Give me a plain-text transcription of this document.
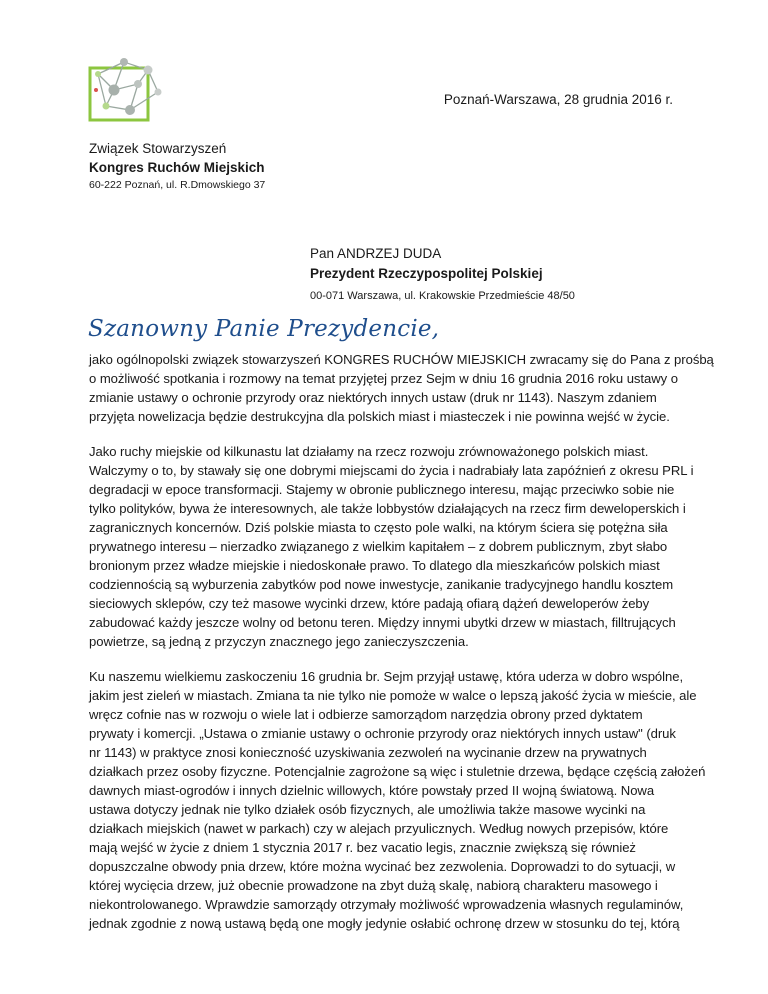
Poznań-Warszawa, 28 grudnia 2016 r.
Związek Stowarzyszeń
Kongres Ruchów Miejskich
60-222 Poznań, ul. R.Dmowskiego 37
Pan ANDRZEJ DUDA
Prezydent Rzeczypospolitej Polskiej
00-071 Warszawa, ul. Krakowskie Przedmieście 48/50
Szanowny Panie Prezydencie,

jako ogólnopolski związek stowarzyszeń KONGRES RUCHÓW MIEJSKICH zwracamy się do Pana z prośbą
o możliwość spotkania i rozmowy na temat przyjętej przez Sejm w dniu 16 grudnia 2016 roku ustawy o
zmianie ustawy o ochronie przyrody oraz niektórych innych ustaw (druk nr 1143). Naszym zdaniem
przyjęta nowelizacja będzie destrukcyjna dla polskich miast i miasteczek i nie powinna wejść w życie.

Jako ruchy miejskie od kilkunastu lat działamy na rzecz rozwoju zrównoważonego polskich miast.
Walczymy o to, by stawały się one dobrymi miejscami do życia i nadrabiały lata zapóźnień z okresu PRL i
degradacji w epoce transformacji. Stajemy w obronie publicznego interesu, mając przeciwko sobie nie
tylko polityków, bywa że interesownych, ale także lobbystów działających na rzecz firm deweloperskich i
zagranicznych koncernów. Dziś polskie miasta to często pole walki, na którym ściera się potężna siła
prywatnego interesu – nierzadko związanego z wielkim kapitałem – z dobrem publicznym, zbyt słabo
bronionym przez władze miejskie i niedoskonałe prawo. To dlatego dla mieszkańców polskich miast
codziennością są wyburzenia zabytków pod nowe inwestycje, zanikanie tradycyjnego handlu kosztem
sieciowych sklepów, czy też masowe wycinki drzew, które padają ofiarą dążeń deweloperów żeby
zabudować każdy jeszcze wolny od betonu teren. Między innymi ubytki drzew w miastach, filltrujących
powietrze, są jedną z przyczyn znacznego jego zanieczyszczenia.

Ku naszemu wielkiemu zaskoczeniu 16 grudnia br. Sejm przyjął ustawę, która uderza w dobro wspólne,
jakim jest zieleń w miastach. Zmiana ta nie tylko nie pomoże w walce o lepszą jakość życia w mieście, ale
wręcz cofnie nas w rozwoju o wiele lat i odbierze samorządom narzędzia obrony przed dyktatem
prywaty i komercji. „Ustawa o zmianie ustawy o ochronie przyrody oraz niektórych innych ustaw" (druk
nr 1143) w praktyce znosi konieczność uzyskiwania zezwoleń na wycinanie drzew na prywatnych
działkach przez osoby fizyczne. Potencjalnie zagrożone są więc i stuletnie drzewa, będące częścią założeń
dawnych miast-ogrodów i innych dzielnic willowych, które powstały przed II wojną światową. Nowa
ustawa dotyczy jednak nie tylko działek osób fizycznych, ale umożliwia także masowe wycinki na
działkach miejskich (nawet w parkach) czy w alejach przyulicznych. Według nowych przepisów, które
mają wejść w życie z dniem 1 stycznia 2017 r. bez vacatio legis, znacznie zwiększą się również
dopuszczalne obwody pnia drzew, które można wycinać bez zezwolenia. Doprowadzi to do sytuacji, w
której wycięcia drzew, już obecnie prowadzone na zbyt dużą skalę, nabiorą charakteru masowego i
niekontrolowanego. Wprawdzie samorządy otrzymały możliwość wprowadzenia własnych regulaminów,
jednak zgodnie z nową ustawą będą one mogły jedynie osłabić ochronę drzew w stosunku do tej, którą
